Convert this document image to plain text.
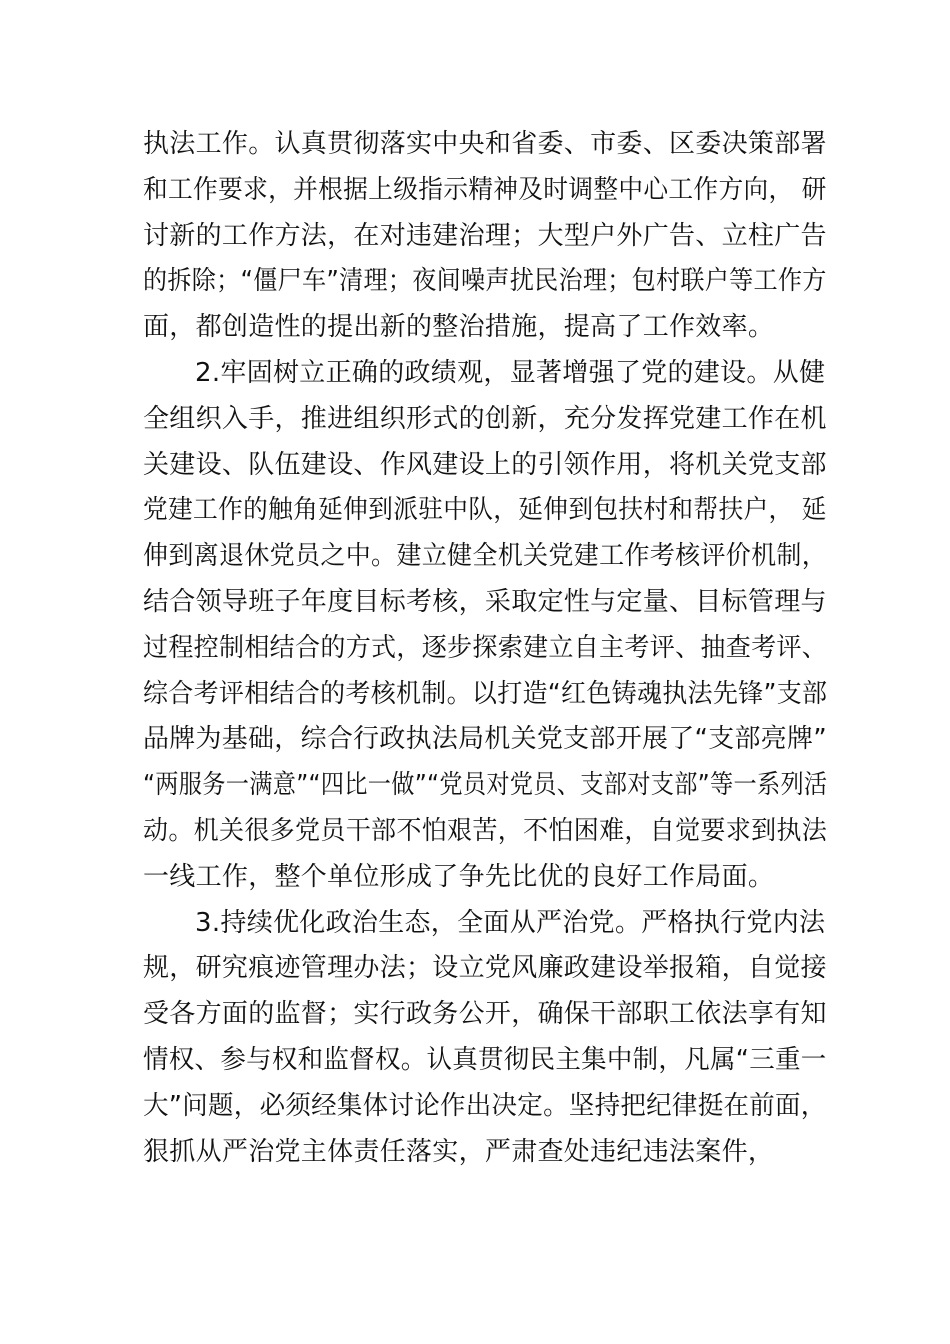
执法工作。认真贯彻落实中央和省委、市委、区委决策部署
和工作要求，并根据上级指示精神及时调整中心工作方向， 研
讨新的工作方法，在对违建治理；大型户外广告、立柱广告
的拆除；“僵尸车”清理；夜间噪声扰民治理；包村联户等工作方
面，都创造性的提出新的整治措施，提高了工作效率。
2.牢固树立正确的政绩观，显著增强了党的建设。从健
全组织入手，推进组织形式的创新，充分发挥党建工作在机
关建设、队伍建设、作风建设上的引领作用，将机关党支部
党建工作的触角延伸到派驻中队，延伸到包扶村和帮扶户， 延
伸到离退休党员之中。建立健全机关党建工作考核评价机制，
结合领导班子年度目标考核，采取定性与定量、目标管理与
过程控制相结合的方式，逐步探索建立自主考评、抽查考评、
综合考评相结合的考核机制。以打造“红色铸魂执法先锋”支部
品牌为基础，综合行政执法局机关党支部开展了“支部亮牌”
“两服务一满意”“四比一做”“党员对党员、支部对支部”等一系列活
动。机关很多党员干部不怕艰苦，不怕困难，自觉要求到执法
一线工作，整个单位形成了争先比优的良好工作局面。
3.持续优化政治生态，全面从严治党。严格执行党内法
规，研究痕迹管理办法；设立党风廉政建设举报箱，自觉接
受各方面的监督；实行政务公开，确保干部职工依法享有知
情权、参与权和监督权。认真贯彻民主集中制，凡属“三重一
大”问题，必须经集体讨论作出决定。坚持把纪律挺在前面，
狠抓从严治党主体责任落实，严肃查处违纪违法案件，
